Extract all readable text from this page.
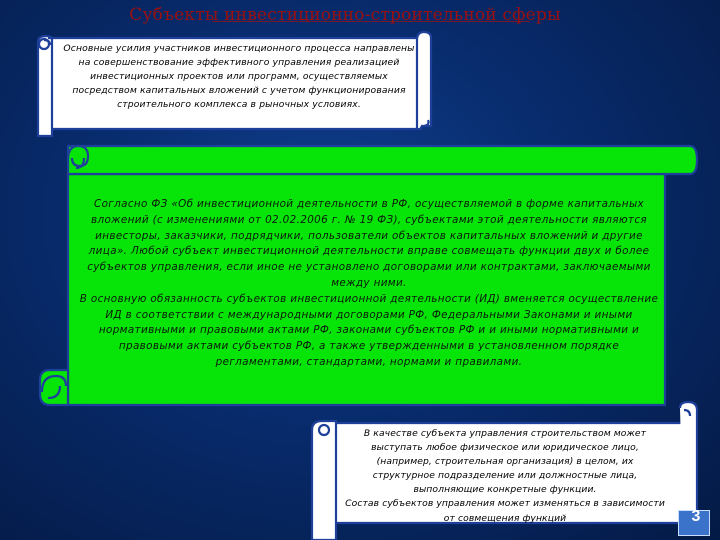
Субъекты инвестиционно-строительной сферы

Основные усилия участников инвестиционного процесса направлены на совершенствование эффективного управления реализацией инвестиционных проектов или программ, осуществляемых посредством капитальных вложений с учетом функционирования строительного комплекса в рыночных условиях.

Согласно ФЗ «Об инвестиционной деятельности в РФ, осуществляемой в форме капитальных вложений (с изменениями от 02.02.2006 г. № 19 ФЗ), субъектами этой деятельности являются инвесторы, заказчики, подрядчики, пользователи объектов капитальных вложений и другие лица». Любой субъект инвестиционной деятельности вправе совмещать функции двух и более субъектов управления, если иное не установлено договорами или контрактами, заключаемыми между ними.

В основную обязанность субъектов инвестиционной деятельности (ИД) вменяется осуществление ИД в соответствии с международными договорами РФ, Федеральными Законами и иными нормативными и правовыми актами РФ, законами субъектов РФ и и иными нормативными и правовыми актами субъектов РФ, а также утвержденными в установленном порядке регламентами, стандартами, нормами и правилами.

В качестве субъекта управления строительством может выступать любое физическое или юридическое лицо, (например, строительная организация) в целом, их структурное подразделение или должностные лица, выполняющие конкретные функции.

Состав субъектов управления может изменяться в зависимости от совмещения функций	3
